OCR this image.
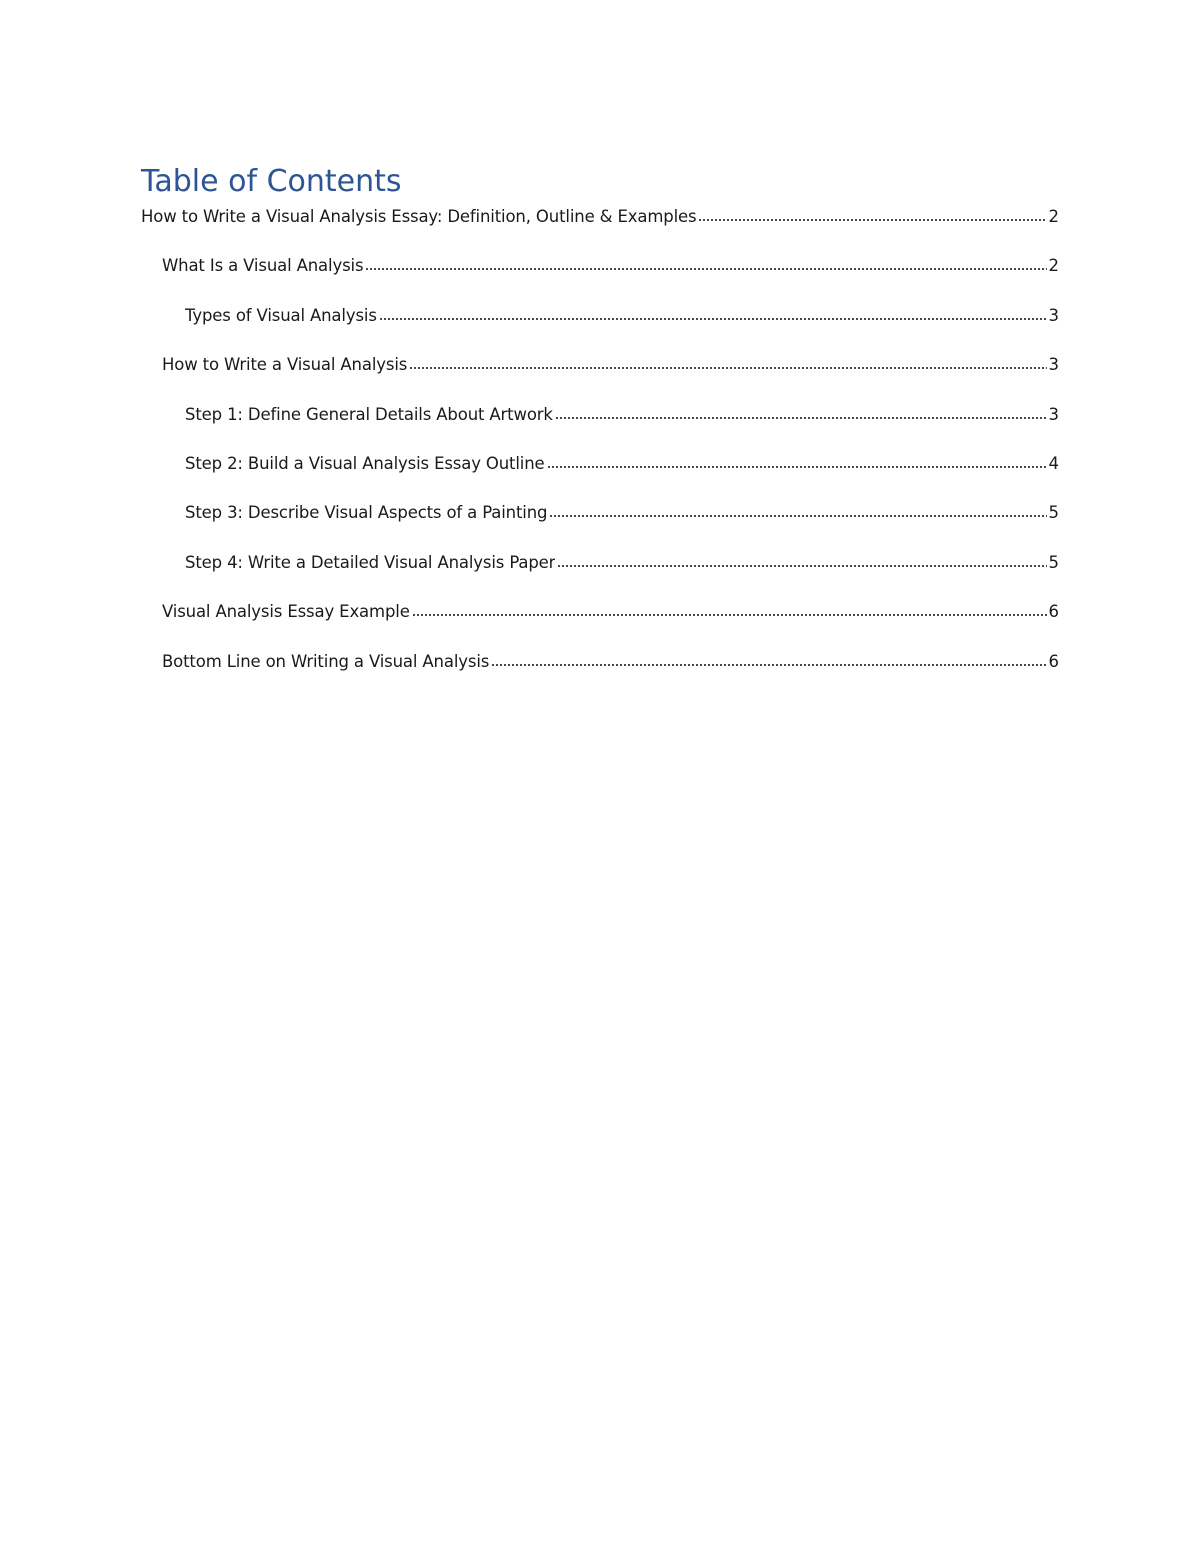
Table of Contents
How to Write a Visual Analysis Essay: Definition, Outline & Examples	2
What Is a Visual Analysis	2
Types of Visual Analysis	3
How to Write a Visual Analysis	3
Step 1: Define General Details About Artwork	3
Step 2: Build a Visual Analysis Essay Outline	4
Step 3: Describe Visual Aspects of a Painting	5
Step 4: Write a Detailed Visual Analysis Paper	5
Visual Analysis Essay Example	6
Bottom Line on Writing a Visual Analysis	6
